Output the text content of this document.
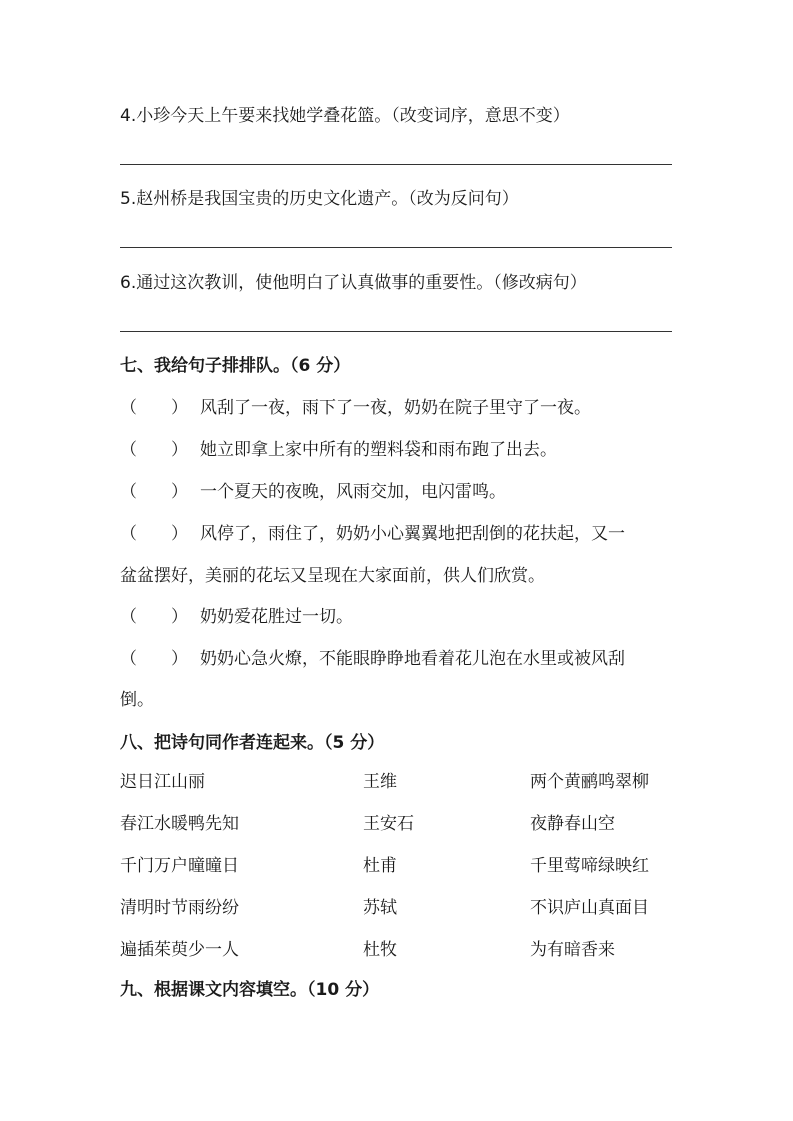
4.小珍今天上午要来找她学叠花篮。（改变词序，意思不变）
5.赵州桥是我国宝贵的历史文化遗产。（改为反问句）
6.通过这次教训，使他明白了认真做事的重要性。（修改病句）
七、我给句子排排队。（6 分）
（　　） 风刮了一夜，雨下了一夜，奶奶在院子里守了一夜。
（　　） 她立即拿上家中所有的塑料袋和雨布跑了出去。
（　　） 一个夏天的夜晚，风雨交加，电闪雷鸣。
（　　） 风停了，雨住了，奶奶小心翼翼地把刮倒的花扶起，又一
盆盆摆好，美丽的花坛又呈现在大家面前，供人们欣赏。
（　　） 奶奶爱花胜过一切。
（　　） 奶奶心急火燎，不能眼睁睁地看着花儿泡在水里或被风刮
倒。
八、把诗句同作者连起来。（5 分）
迟日江山丽	王维	两个黄鹂鸣翠柳
春江水暖鸭先知	王安石	夜静春山空
千门万户曈曈日	杜甫	千里莺啼绿映红
清明时节雨纷纷	苏轼	不识庐山真面目
遍插茱萸少一人	杜牧	为有暗香来
九、根据课文内容填空。（10 分）
